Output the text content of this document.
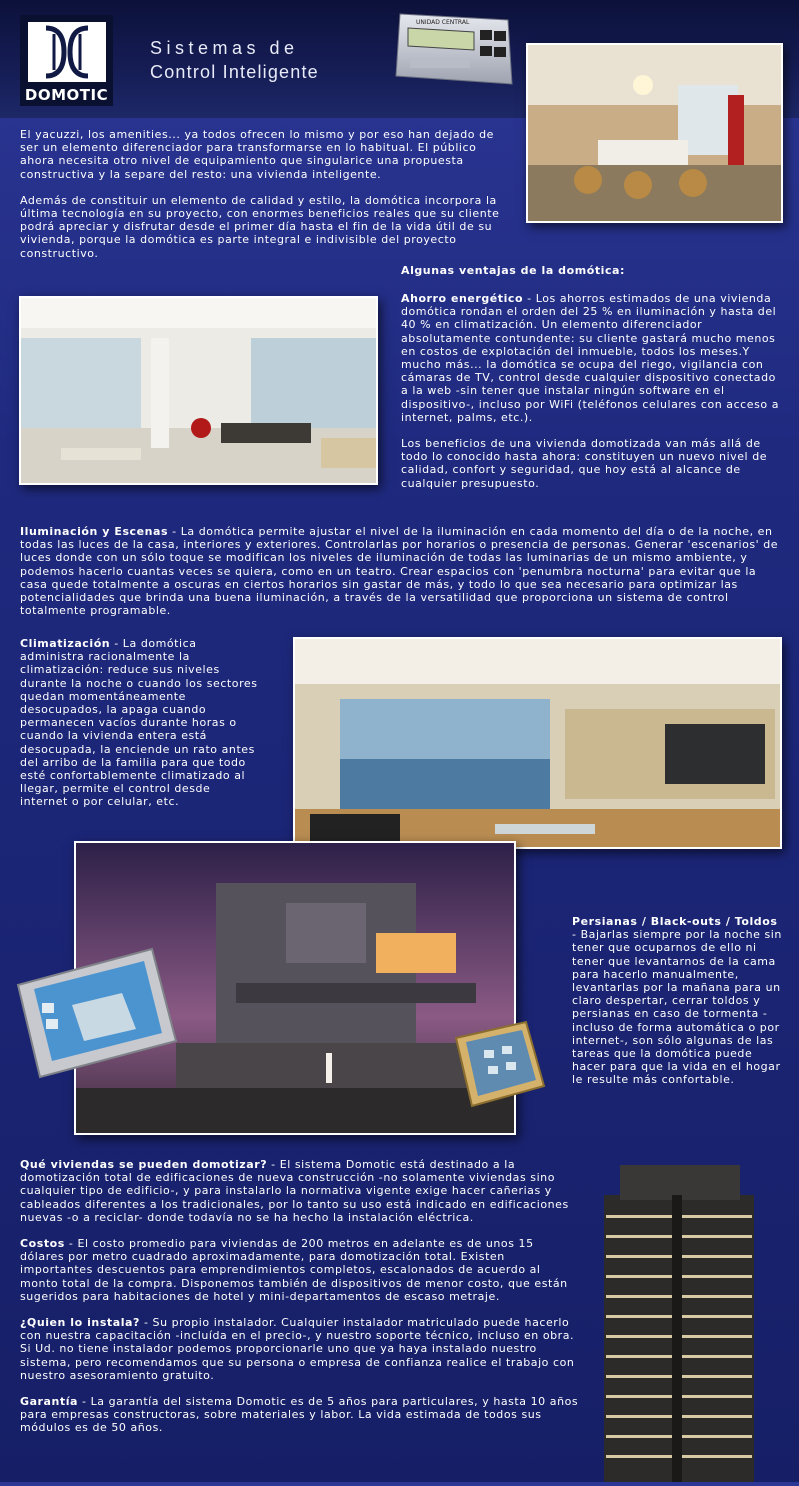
DOMOTIC
Sistemas de
Control Inteligente
UNIDAD CENTRAL

El yacuzzi, los amenities... ya todos ofrecen lo mismo y por eso han dejado de ser un elemento diferenciador para transformarse en lo habitual. El público ahora necesita otro nivel de equipamiento que singularice una propuesta constructiva y la separe del resto: una vivienda inteligente.

Además de constituir un elemento de calidad y estilo, la domótica incorpora la última tecnología en su proyecto, con enormes beneficios reales que su cliente podrá apreciar y disfrutar desde el primer día hasta el fin de la vida útil de su vivienda, porque la domótica es parte integral e indivisible del proyecto constructivo.

Algunas ventajas de la domótica:

Ahorro energético - Los ahorros estimados de una vivienda domótica rondan el orden del 25 % en iluminación y hasta del 40 % en climatización. Un elemento diferenciador absolutamente contundente: su cliente gastará mucho menos en costos de explotación del inmueble, todos los meses.Y mucho más... la domótica se ocupa del riego, vigilancia con cámaras de TV, control desde cualquier dispositivo conectado a la web -sin tener que instalar ningún software en el dispositivo-, incluso por WiFi (teléfonos celulares con acceso a internet, palms, etc.).

Los beneficios de una vivienda domotizada van más allá de todo lo conocido hasta ahora: constituyen un nuevo nivel de calidad, confort y seguridad, que hoy está al alcance de cualquier presupuesto.

Iluminación y Escenas - La domótica permite ajustar el nivel de la iluminación en cada momento del día o de la noche, en todas las luces de la casa, interiores y exteriores. Controlarlas por horarios o presencia de personas. Generar 'escenarios' de luces donde con un sólo toque se modifican los niveles de iluminación de todas las luminarias de un mismo ambiente, y podemos hacerlo cuantas veces se quiera, como en un teatro. Crear espacios con 'penumbra nocturna' para evitar que la casa quede totalmente a oscuras en ciertos horarios sin gastar de más, y todo lo que sea necesario para optimizar las potencialidades que brinda una buena iluminación, a través de la versatilidad que proporciona un sistema de control totalmente programable.

Climatización - La domótica administra racionalmente la climatización: reduce sus niveles durante la noche o cuando los sectores quedan momentáneamente desocupados, la apaga cuando permanecen vacíos durante horas o cuando la vivienda entera está desocupada, la enciende un rato antes del arribo de la familia para que todo esté confortablemente climatizado al llegar, permite el control desde internet o por celular, etc.

Persianas / Black-outs / Toldos - Bajarlas siempre por la noche sin tener que ocuparnos de ello ni tener que levantarnos de la cama para hacerlo manualmente, levantarlas por la mañana para un claro despertar, cerrar toldos y persianas en caso de tormenta -incluso de forma automática o por internet-, son sólo algunas de las tareas que la domótica puede hacer para que la vida en el hogar le resulte más confortable.

Qué viviendas se pueden domotizar? - El sistema Domotic está destinado a la domotización total de edificaciones de nueva construcción -no solamente viviendas sino cualquier tipo de edificio-, y para instalarlo la normativa vigente exige hacer cañerias y cableados diferentes a los tradicionales, por lo tanto su uso está indicado en edificaciones nuevas -o a reciclar- donde todavía no se ha hecho la instalación eléctrica.

Costos - El costo promedio para viviendas de 200 metros en adelante es de unos 15 dólares por metro cuadrado aproximadamente, para domotización total. Existen importantes descuentos para emprendimientos completos, escalonados de acuerdo al monto total de la compra. Disponemos también de dispositivos de menor costo, que están sugeridos para habitaciones de hotel y mini-departamentos de escaso metraje.

¿Quien lo instala? - Su propio instalador. Cualquier instalador matriculado puede hacerlo con nuestra capacitación -incluída en el precio-, y nuestro soporte técnico, incluso en obra. Si Ud. no tiene instalador podemos proporcionarle uno que ya haya instalado nuestro sistema, pero recomendamos que su persona o empresa de confianza realice el trabajo con nuestro asesoramiento gratuito.

Garantía - La garantía del sistema Domotic es de 5 años para particulares, y hasta 10 años para empresas constructoras, sobre materiales y labor. La vida estimada de todos sus módulos es de 50 años.
